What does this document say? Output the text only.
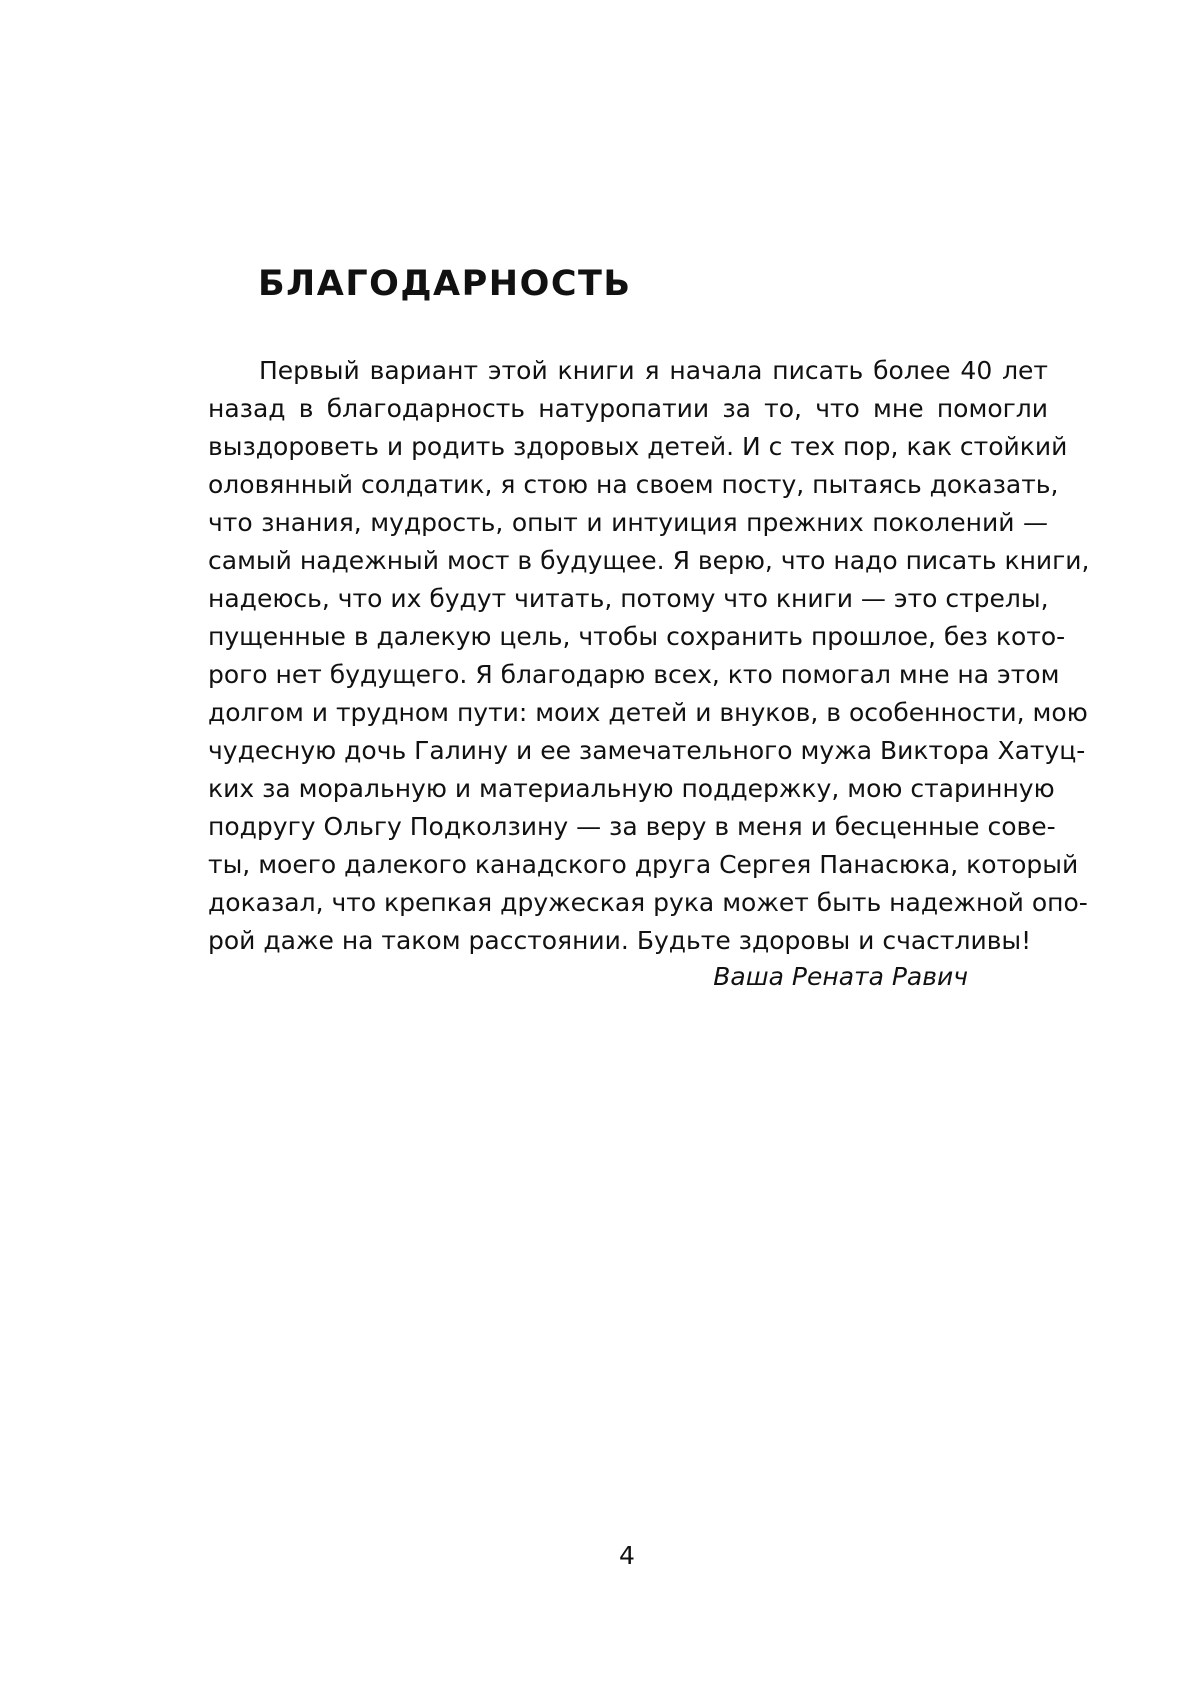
БЛАГОДАРНОСТЬ
Первый вариант этой книги я начала писать более 40 лет
назад в благодарность натуропатии за то, что мне помогли
выздороветь и родить здоровых детей. И с тех пор, как стойкий
оловянный солдатик, я стою на своем посту, пытаясь доказать,
что знания, мудрость, опыт и интуиция прежних поколений —
самый надежный мост в будущее. Я верю, что надо писать книги,
надеюсь, что их будут читать, потому что книги — это стрелы,
пущенные в далекую цель, чтобы сохранить прошлое, без кото-
рого нет будущего. Я благодарю всех, кто помогал мне на этом
долгом и трудном пути: моих детей и внуков, в особенности, мою
чудесную дочь Галину и ее замечательного мужа Виктора Хатуц-
ких за моральную и материальную поддержку, мою старинную
подругу Ольгу Подколзину — за веру в меня и бесценные сове-
ты, моего далекого канадского друга Сергея Панасюка, который
доказал, что крепкая дружеская рука может быть надежной опо-
рой даже на таком расстоянии. Будьте здоровы и счастливы!
Ваша Рената Равич
4
